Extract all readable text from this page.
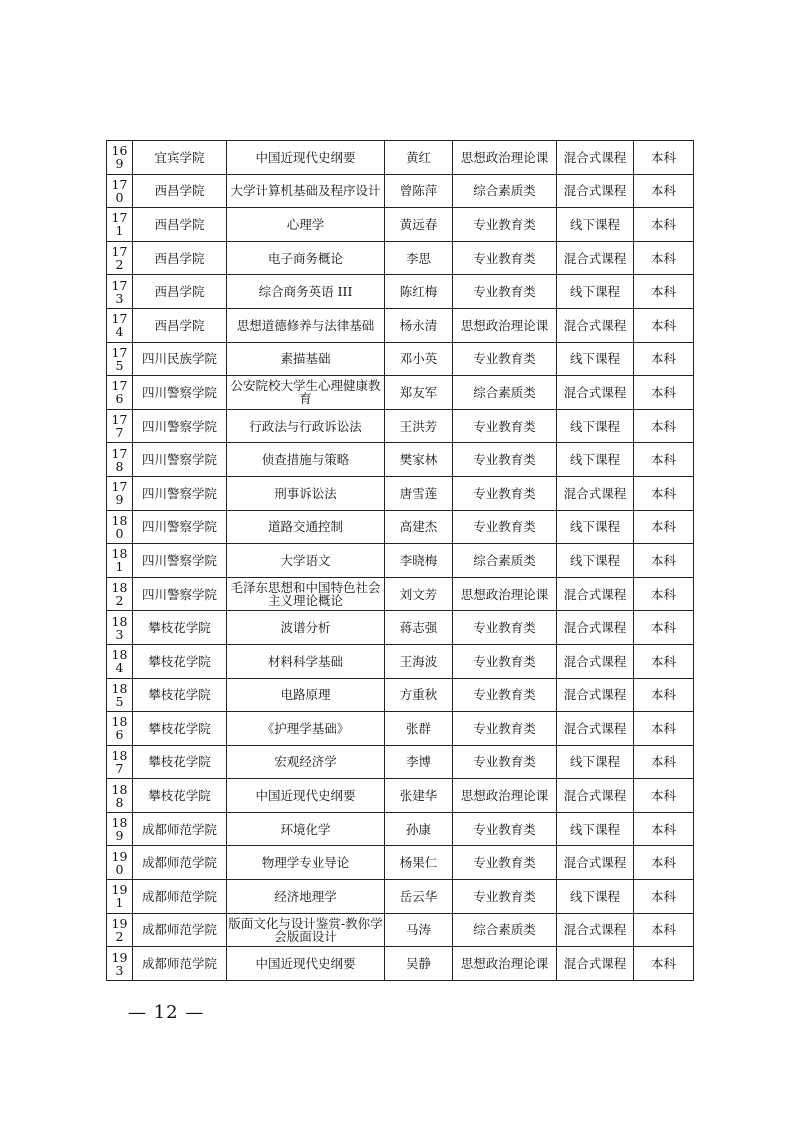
169	宜宾学院	中国近现代史纲要	黄红	思想政治理论课	混合式课程	本科
170	西昌学院	大学计算机基础及程序设计	曾陈萍	综合素质类	混合式课程	本科
171	西昌学院	心理学	黄远春	专业教育类	线下课程	本科
172	西昌学院	电子商务概论	李思	专业教育类	混合式课程	本科
173	西昌学院	综合商务英语 III	陈红梅	专业教育类	线下课程	本科
174	西昌学院	思想道德修养与法律基础	杨永清	思想政治理论课	混合式课程	本科
175	四川民族学院	素描基础	邓小英	专业教育类	线下课程	本科
176	四川警察学院	公安院校大学生心理健康教育	郑友军	综合素质类	混合式课程	本科
177	四川警察学院	行政法与行政诉讼法	王洪芳	专业教育类	线下课程	本科
178	四川警察学院	侦查措施与策略	樊家林	专业教育类	线下课程	本科
179	四川警察学院	刑事诉讼法	唐雪莲	专业教育类	混合式课程	本科
180	四川警察学院	道路交通控制	高建杰	专业教育类	线下课程	本科
181	四川警察学院	大学语文	李晓梅	综合素质类	线下课程	本科
182	四川警察学院	毛泽东思想和中国特色社会主义理论概论	刘文芳	思想政治理论课	混合式课程	本科
183	攀枝花学院	波谱分析	蒋志强	专业教育类	混合式课程	本科
184	攀枝花学院	材料科学基础	王海波	专业教育类	混合式课程	本科
185	攀枝花学院	电路原理	方重秋	专业教育类	混合式课程	本科
186	攀枝花学院	《护理学基础》	张群	专业教育类	混合式课程	本科
187	攀枝花学院	宏观经济学	李博	专业教育类	线下课程	本科
188	攀枝花学院	中国近现代史纲要	张建华	思想政治理论课	混合式课程	本科
189	成都师范学院	环境化学	孙康	专业教育类	线下课程	本科
190	成都师范学院	物理学专业导论	杨果仁	专业教育类	混合式课程	本科
191	成都师范学院	经济地理学	岳云华	专业教育类	线下课程	本科
192	成都师范学院	版面文化与设计鉴赏-教你学会版面设计	马涛	综合素质类	混合式课程	本科
193	成都师范学院	中国近现代史纲要	吴静	思想政治理论课	混合式课程	本科
— 12 —
